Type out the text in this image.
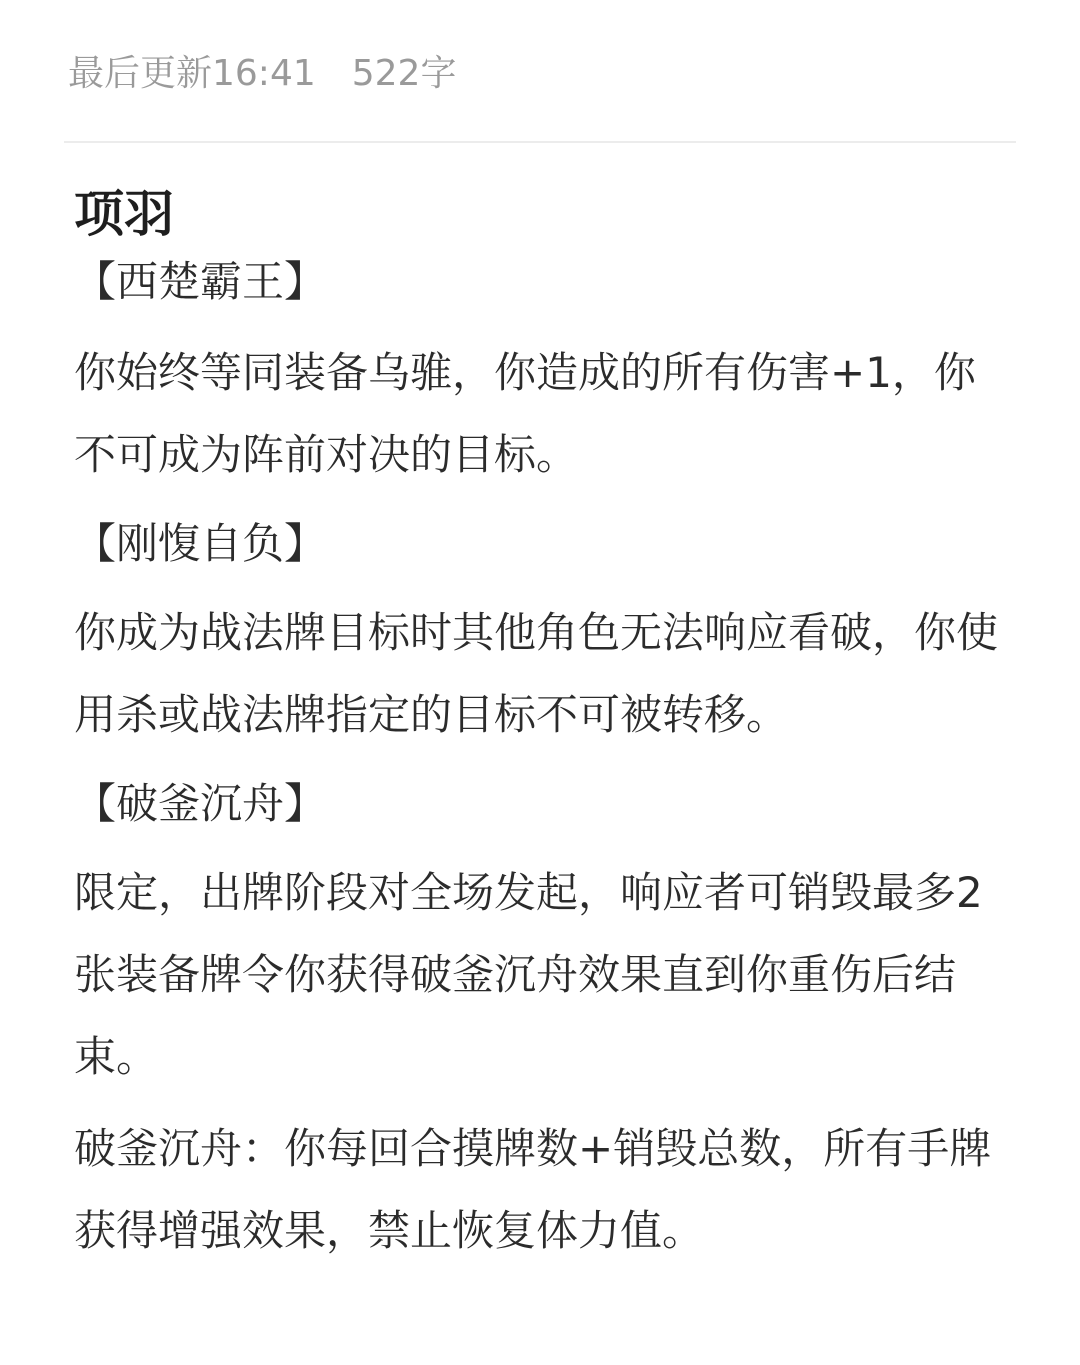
最后更新16:41 522字
项羽
【西楚霸王】
你始终等同装备乌骓，你造成的所有伤害+1，你不可成为阵前对决的目标。
【刚愎自负】
你成为战法牌目标时其他角色无法响应看破，你使用杀或战法牌指定的目标不可被转移。
【破釜沉舟】
限定，出牌阶段对全场发起，响应者可销毁最多2张装备牌令你获得破釜沉舟效果直到你重伤后结束。
破釜沉舟：你每回合摸牌数+销毁总数，所有手牌获得增强效果，禁止恢复体力值。
